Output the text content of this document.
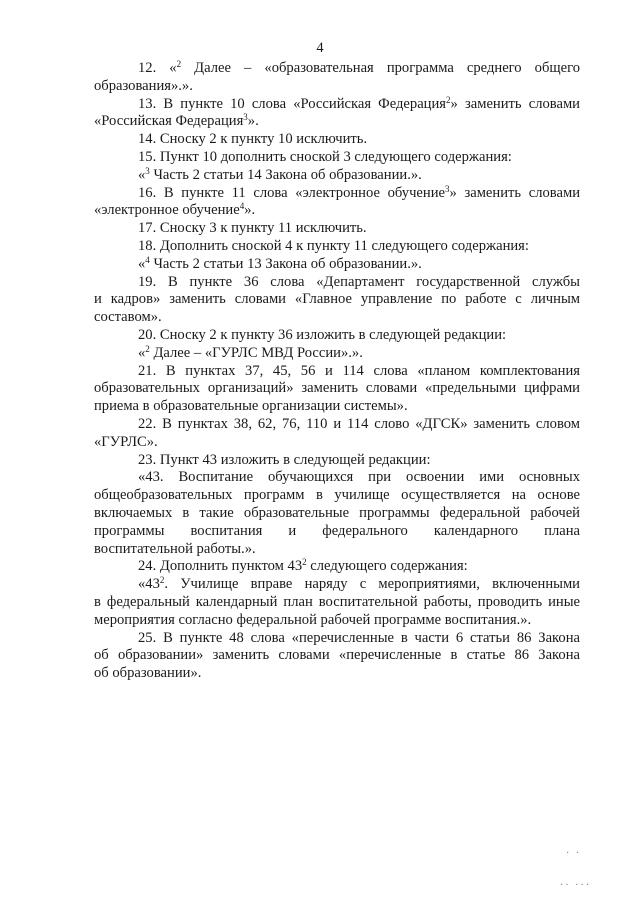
4
12. «$^2$ Далее – «образовательная программа среднего общего
образования».».
13. В пункте 10 слова «Российская Федерация$^2$» заменить словами
«Российская Федерация$^3$».
14. Сноску 2 к пункту 10 исключить.
15. Пункт 10 дополнить сноской 3 следующего содержания:
«$^3$ Часть 2 статьи 14 Закона об образовании.».
16. В пункте 11 слова «электронное обучение$^3$» заменить словами
«электронное обучение$^4$».
17. Сноску 3 к пункту 11 исключить.
18. Дополнить сноской 4 к пункту 11 следующего содержания:
«$^4$ Часть 2 статьи 13 Закона об образовании.».
19. В пункте 36 слова «Департамент государственной службы
и кадров» заменить словами «Главное управление по работе с личным
составом».
20. Сноску 2 к пункту 36 изложить в следующей редакции:
«$^2$ Далее – «ГУРЛС МВД России».».
21. В пунктах 37, 45, 56 и 114 слова «планом комплектования
образовательных организаций» заменить словами «предельными цифрами
приема в образовательные организации системы».
22. В пунктах 38, 62, 76, 110 и 114 слово «ДГСК» заменить словом
«ГУРЛС».
23. Пункт 43 изложить в следующей редакции:
«43. Воспитание обучающихся при освоении ими основных
общеобразовательных программ в училище осуществляется на основе
включаемых в такие образовательные программы федеральной рабочей
программы воспитания и федерального календарного плана
воспитательной работы.».
24. Дополнить пунктом $43^2$ следующего содержания:
«$43^2$. Училище вправе наряду с мероприятиями, включенными
в федеральный календарный план воспитательной работы, проводить иные
мероприятия согласно федеральной рабочей программе воспитания.».
25. В пункте 48 слова «перечисленные в части 6 статьи 86 Закона
об образовании» заменить словами «перечисленные в статье 86 Закона
об образовании».
· ·
·· ···
